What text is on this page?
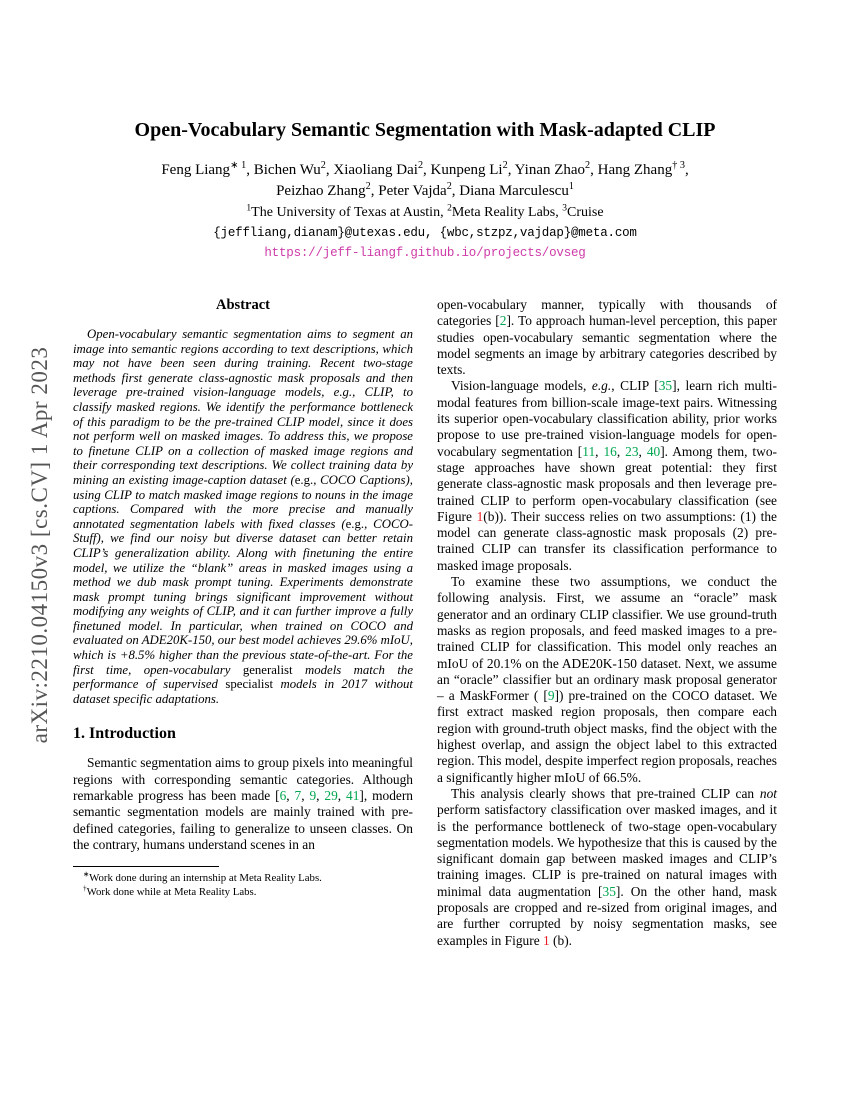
arXiv:2210.04150v3 [cs.CV] 1 Apr 2023
Open-Vocabulary Semantic Segmentation with Mask-adapted CLIP

Feng Liang$^{∗ 1}$, Bichen Wu$^2$, Xiaoliang Dai$^2$, Kunpeng Li$^2$, Yinan Zhao$^2$, Hang Zhang$^{\dagger 3}$,

Peizhao Zhang$^2$, Peter Vajda$^2$, Diana Marculescu$^1$

$^1$The University of Texas at Austin, $^2$Meta Reality Labs, $^3$Cruise

{jeffliang,dianam}@utexas.edu, {wbc,stzpz,vajdap}@meta.com

https://jeff-liangf.github.io/projects/ovseg

Abstract

Open-vocabulary semantic segmentation aims to segment an image into semantic regions according to text descriptions, which may not have been seen during training. Recent two-stage methods first generate class-agnostic mask proposals and then leverage pre-trained vision-language models, e.g., CLIP, to classify masked regions. We identify the performance bottleneck of this paradigm to be the pre-trained CLIP model, since it does not perform well on masked images. To address this, we propose to finetune CLIP on a collection of masked image regions and their corresponding text descriptions. We collect training data by mining an existing image-caption dataset (e.g., COCO Captions), using CLIP to match masked image regions to nouns in the image captions. Compared with the more precise and manually annotated segmentation labels with fixed classes (e.g., COCO-Stuff), we find our noisy but diverse dataset can better retain CLIP’s generalization ability. Along with finetuning the entire model, we utilize the “blank” areas in masked images using a method we dub mask prompt tuning. Experiments demonstrate mask prompt tuning brings significant improvement without modifying any weights of CLIP, and it can further improve a fully finetuned model. In particular, when trained on COCO and evaluated on ADE20K-150, our best model achieves 29.6% mIoU, which is +8.5% higher than the previous state-of-the-art. For the first time, open-vocabulary generalist models match the performance of supervised specialist models in 2017 without dataset specific adaptations.

1. Introduction

Semantic segmentation aims to group pixels into meaningful regions with corresponding semantic categories. Although remarkable progress has been made [6, 7, 9, 29, 41], modern semantic segmentation models are mainly trained with pre-defined categories, failing to generalize to unseen classes. On the contrary, humans understand scenes in an

∗Work done during an internship at Meta Reality Labs.

†Work done while at Meta Reality Labs.

open-vocabulary manner, typically with thousands of categories [2]. To approach human-level perception, this paper studies open-vocabulary semantic segmentation where the model segments an image by arbitrary categories described by texts.

Vision-language models, e.g., CLIP [35], learn rich multi-modal features from billion-scale image-text pairs. Witnessing its superior open-vocabulary classification ability, prior works propose to use pre-trained vision-language models for open-vocabulary segmentation [11, 16, 23, 40]. Among them, two-stage approaches have shown great potential: they first generate class-agnostic mask proposals and then leverage pre-trained CLIP to perform open-vocabulary classification (see Figure 1(b)). Their success relies on two assumptions: (1) the model can generate class-agnostic mask proposals (2) pre-trained CLIP can transfer its classification performance to masked image proposals.

To examine these two assumptions, we conduct the following analysis. First, we assume an “oracle” mask generator and an ordinary CLIP classifier. We use ground-truth masks as region proposals, and feed masked images to a pre-trained CLIP for classification. This model only reaches an mIoU of 20.1% on the ADE20K-150 dataset. Next, we assume an “oracle” classifier but an ordinary mask proposal generator – a MaskFormer ( [9]) pre-trained on the COCO dataset. We first extract masked region proposals, then compare each region with ground-truth object masks, find the object with the highest overlap, and assign the object label to this extracted region. This model, despite imperfect region proposals, reaches a significantly higher mIoU of 66.5%.

This analysis clearly shows that pre-trained CLIP can not perform satisfactory classification over masked images, and it is the performance bottleneck of two-stage open-vocabulary segmentation models. We hypothesize that this is caused by the significant domain gap between masked images and CLIP’s training images. CLIP is pre-trained on natural images with minimal data augmentation [35]. On the other hand, mask proposals are cropped and re-sized from original images, and are further corrupted by noisy segmentation masks, see examples in Figure 1 (b).
